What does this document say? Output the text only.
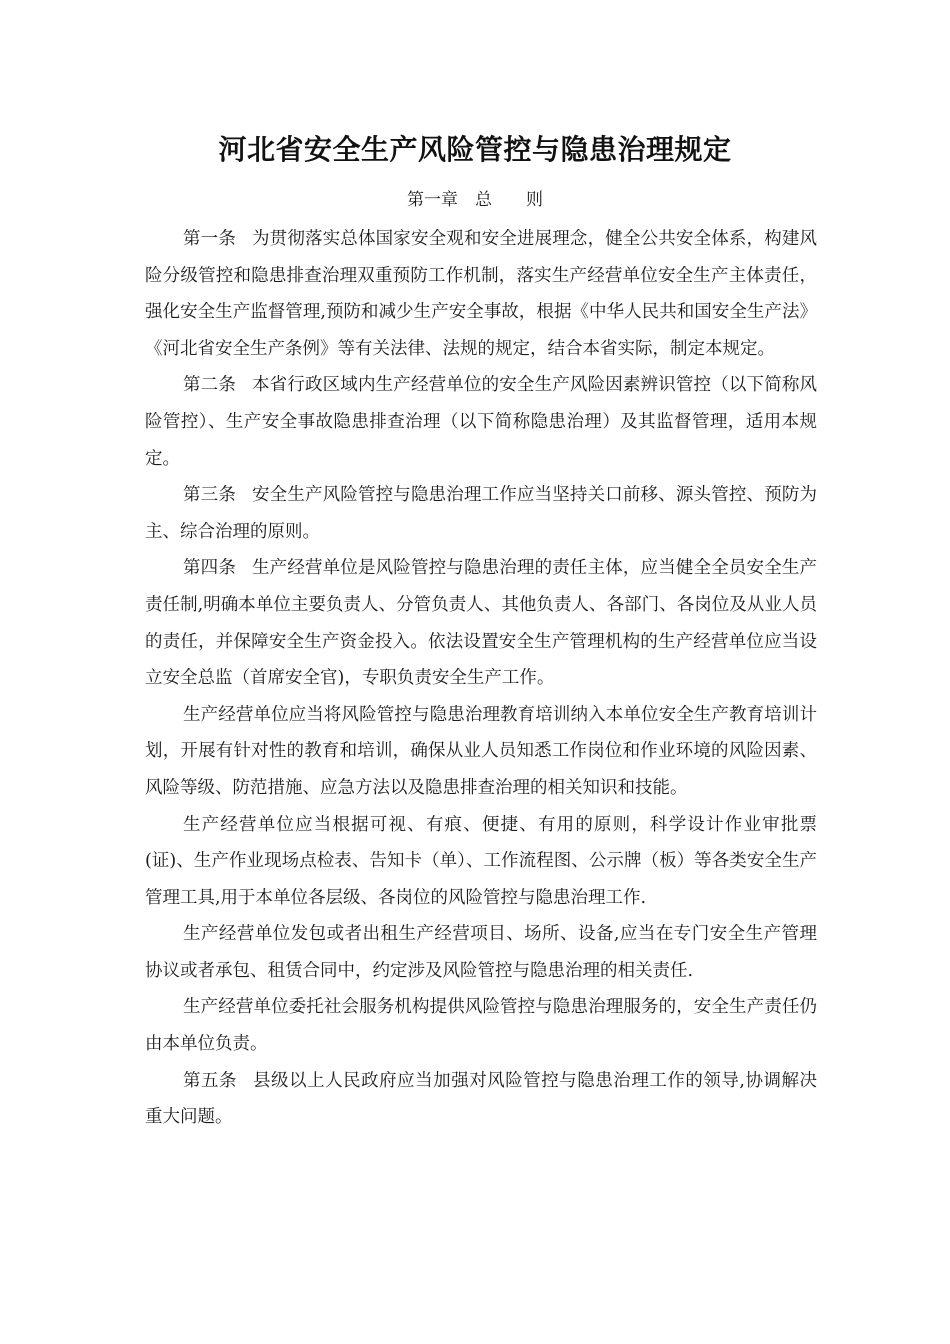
河北省安全生产风险管控与隐患治理规定
第一章　总　　则

第一条 为贯彻落实总体国家安全观和安全进展理念，健全公共安全体系，构建风险分级管控和隐患排查治理双重预防工作机制，落实生产经营单位安全生产主体责任，强化安全生产监督管理,预防和减少生产安全事故，根据《中华人民共和国安全生产法》《河北省安全生产条例》等有关法律、法规的规定，结合本省实际，制定本规定。

第二条 本省行政区域内生产经营单位的安全生产风险因素辨识管控（以下简称风险管控）、生产安全事故隐患排查治理（以下简称隐患治理）及其监督管理，适用本规定。

第三条 安全生产风险管控与隐患治理工作应当坚持关口前移、源头管控、预防为主、综合治理的原则。

第四条 生产经营单位是风险管控与隐患治理的责任主体，应当健全全员安全生产责任制,明确本单位主要负责人、分管负责人、其他负责人、各部门、各岗位及从业人员的责任，并保障安全生产资金投入。依法设置安全生产管理机构的生产经营单位应当设立安全总监（首席安全官)，专职负责安全生产工作。

生产经营单位应当将风险管控与隐患治理教育培训纳入本单位安全生产教育培训计划，开展有针对性的教育和培训，确保从业人员知悉工作岗位和作业环境的风险因素、风险等级、防范措施、应急方法以及隐患排查治理的相关知识和技能。

生产经营单位应当根据可视、有痕、便捷、有用的原则，科学设计作业审批票(证)、生产作业现场点检表、告知卡（单）、工作流程图、公示牌（板）等各类安全生产管理工具,用于本单位各层级、各岗位的风险管控与隐患治理工作.

生产经营单位发包或者出租生产经营项目、场所、设备,应当在专门安全生产管理协议或者承包、租赁合同中，约定涉及风险管控与隐患治理的相关责任.

生产经营单位委托社会服务机构提供风险管控与隐患治理服务的，安全生产责任仍由本单位负责。

第五条 县级以上人民政府应当加强对风险管控与隐患治理工作的领导,协调解决重大问题。
